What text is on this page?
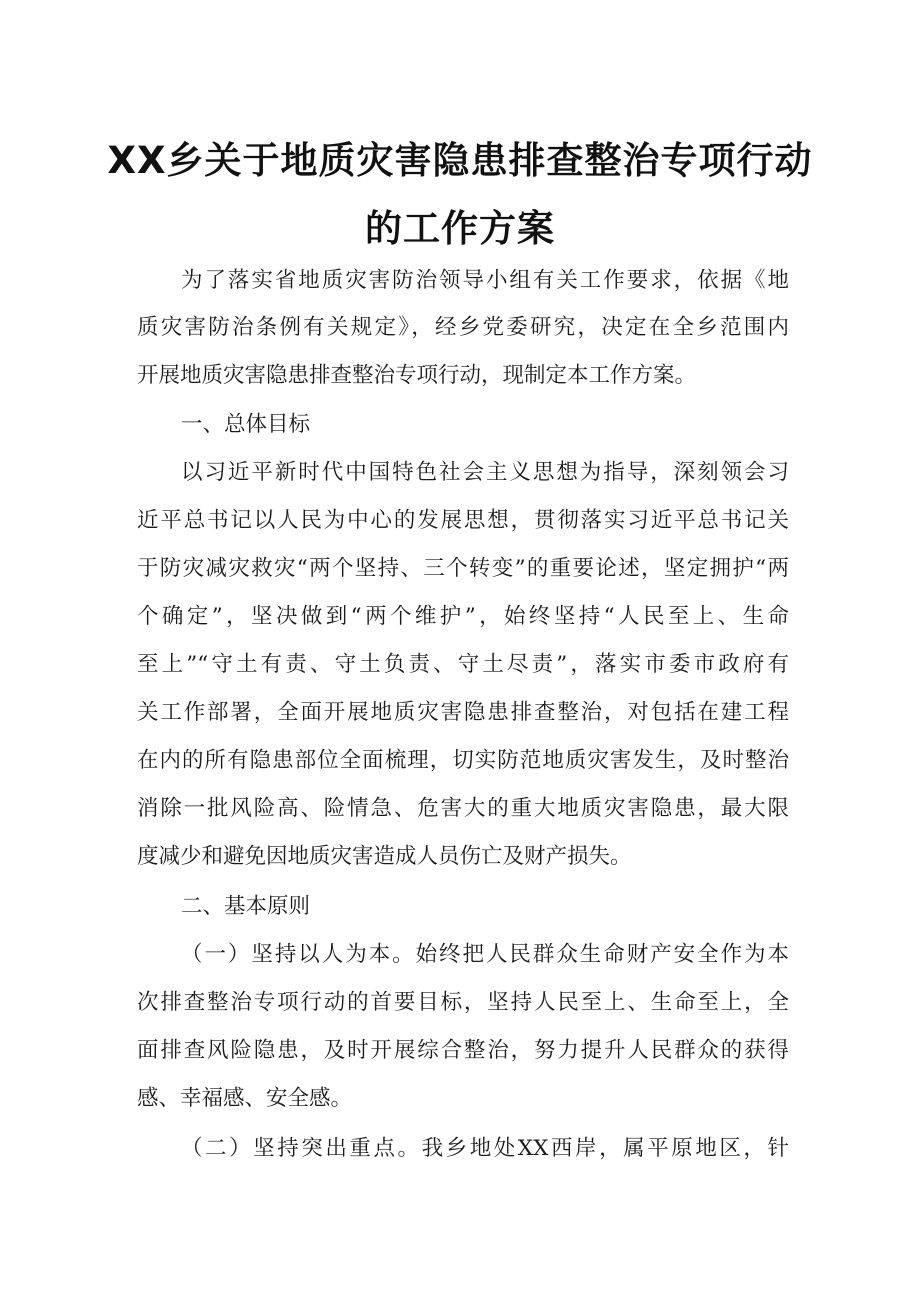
XX乡关于地质灾害隐患排查整治专项行动
的工作方案
为了落实省地质灾害防治领导小组有关工作要求，依据《地
质灾害防治条例有关规定》，经乡党委研究，决定在全乡范围内
开展地质灾害隐患排查整治专项行动，现制定本工作方案。
一、总体目标
以习近平新时代中国特色社会主义思想为指导，深刻领会习
近平总书记以人民为中心的发展思想，贯彻落实习近平总书记关
于防灾减灾救灾“两个坚持、三个转变”的重要论述，坚定拥护“两
个确定”，坚决做到“两个维护”，始终坚持“人民至上、生命
至上”“守土有责、守土负责、守土尽责”，落实市委市政府有
关工作部署，全面开展地质灾害隐患排查整治，对包括在建工程
在内的所有隐患部位全面梳理，切实防范地质灾害发生，及时整治
消除一批风险高、险情急、危害大的重大地质灾害隐患，最大限
度减少和避免因地质灾害造成人员伤亡及财产损失。
二、基本原则
（一）坚持以人为本。始终把人民群众生命财产安全作为本
次排查整治专项行动的首要目标，坚持人民至上、生命至上，全
面排查风险隐患，及时开展综合整治，努力提升人民群众的获得
感、幸福感、安全感。
（二）坚持突出重点。我乡地处XX西岸，属平原地区，针
